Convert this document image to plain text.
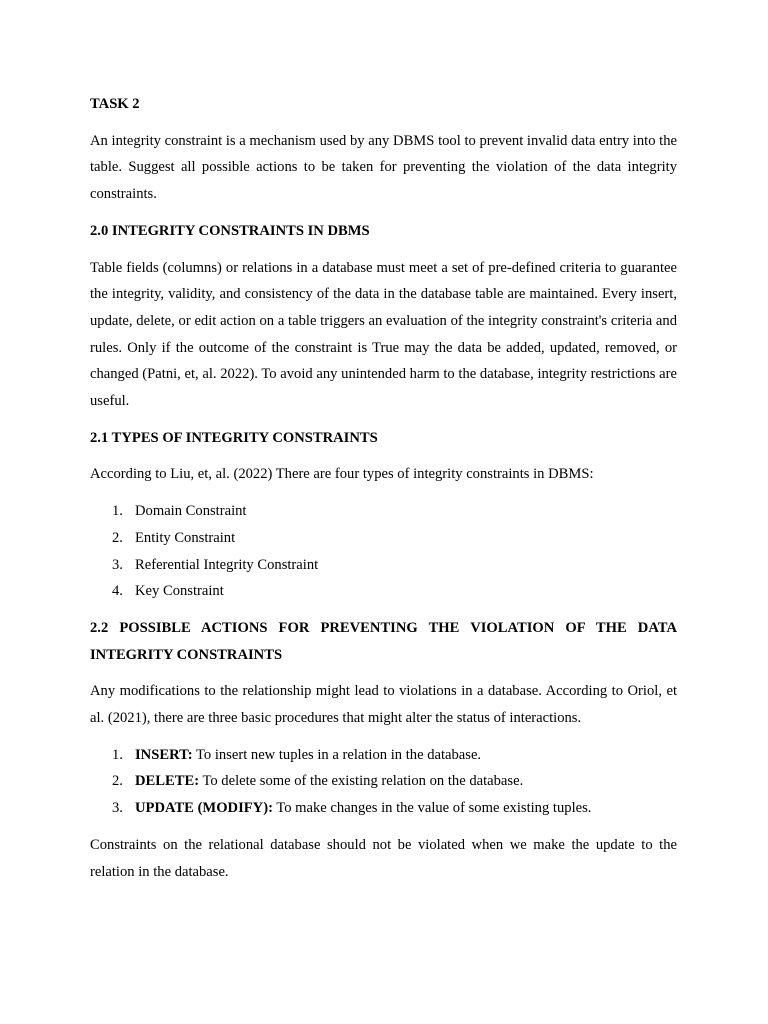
TASK 2

An integrity constraint is a mechanism used by any DBMS tool to prevent invalid data entry into the table. Suggest all possible actions to be taken for preventing the violation of the data integrity constraints.

2.0 INTEGRITY CONSTRAINTS IN DBMS

Table fields (columns) or relations in a database must meet a set of pre-defined criteria to guarantee the integrity, validity, and consistency of the data in the database table are maintained. Every insert, update, delete, or edit action on a table triggers an evaluation of the integrity constraint's criteria and rules. Only if the outcome of the constraint is True may the data be added, updated, removed, or changed (Patni, et, al. 2022). To avoid any unintended harm to the database, integrity restrictions are useful.

2.1 TYPES OF INTEGRITY CONSTRAINTS

According to Liu, et, al. (2022) There are four types of integrity constraints in DBMS:

1. Domain Constraint
2. Entity Constraint
3. Referential Integrity Constraint
4. Key Constraint
2.2 POSSIBLE ACTIONS FOR PREVENTING THE VIOLATION OF THE DATA INTEGRITY CONSTRAINTS

Any modifications to the relationship might lead to violations in a database. According to Oriol, et al. (2021), there are three basic procedures that might alter the status of interactions.

1. INSERT: To insert new tuples in a relation in the database.
2. DELETE: To delete some of the existing relation on the database.
3. UPDATE (MODIFY): To make changes in the value of some existing tuples.

Constraints on the relational database should not be violated when we make the update to the relation in the database.
